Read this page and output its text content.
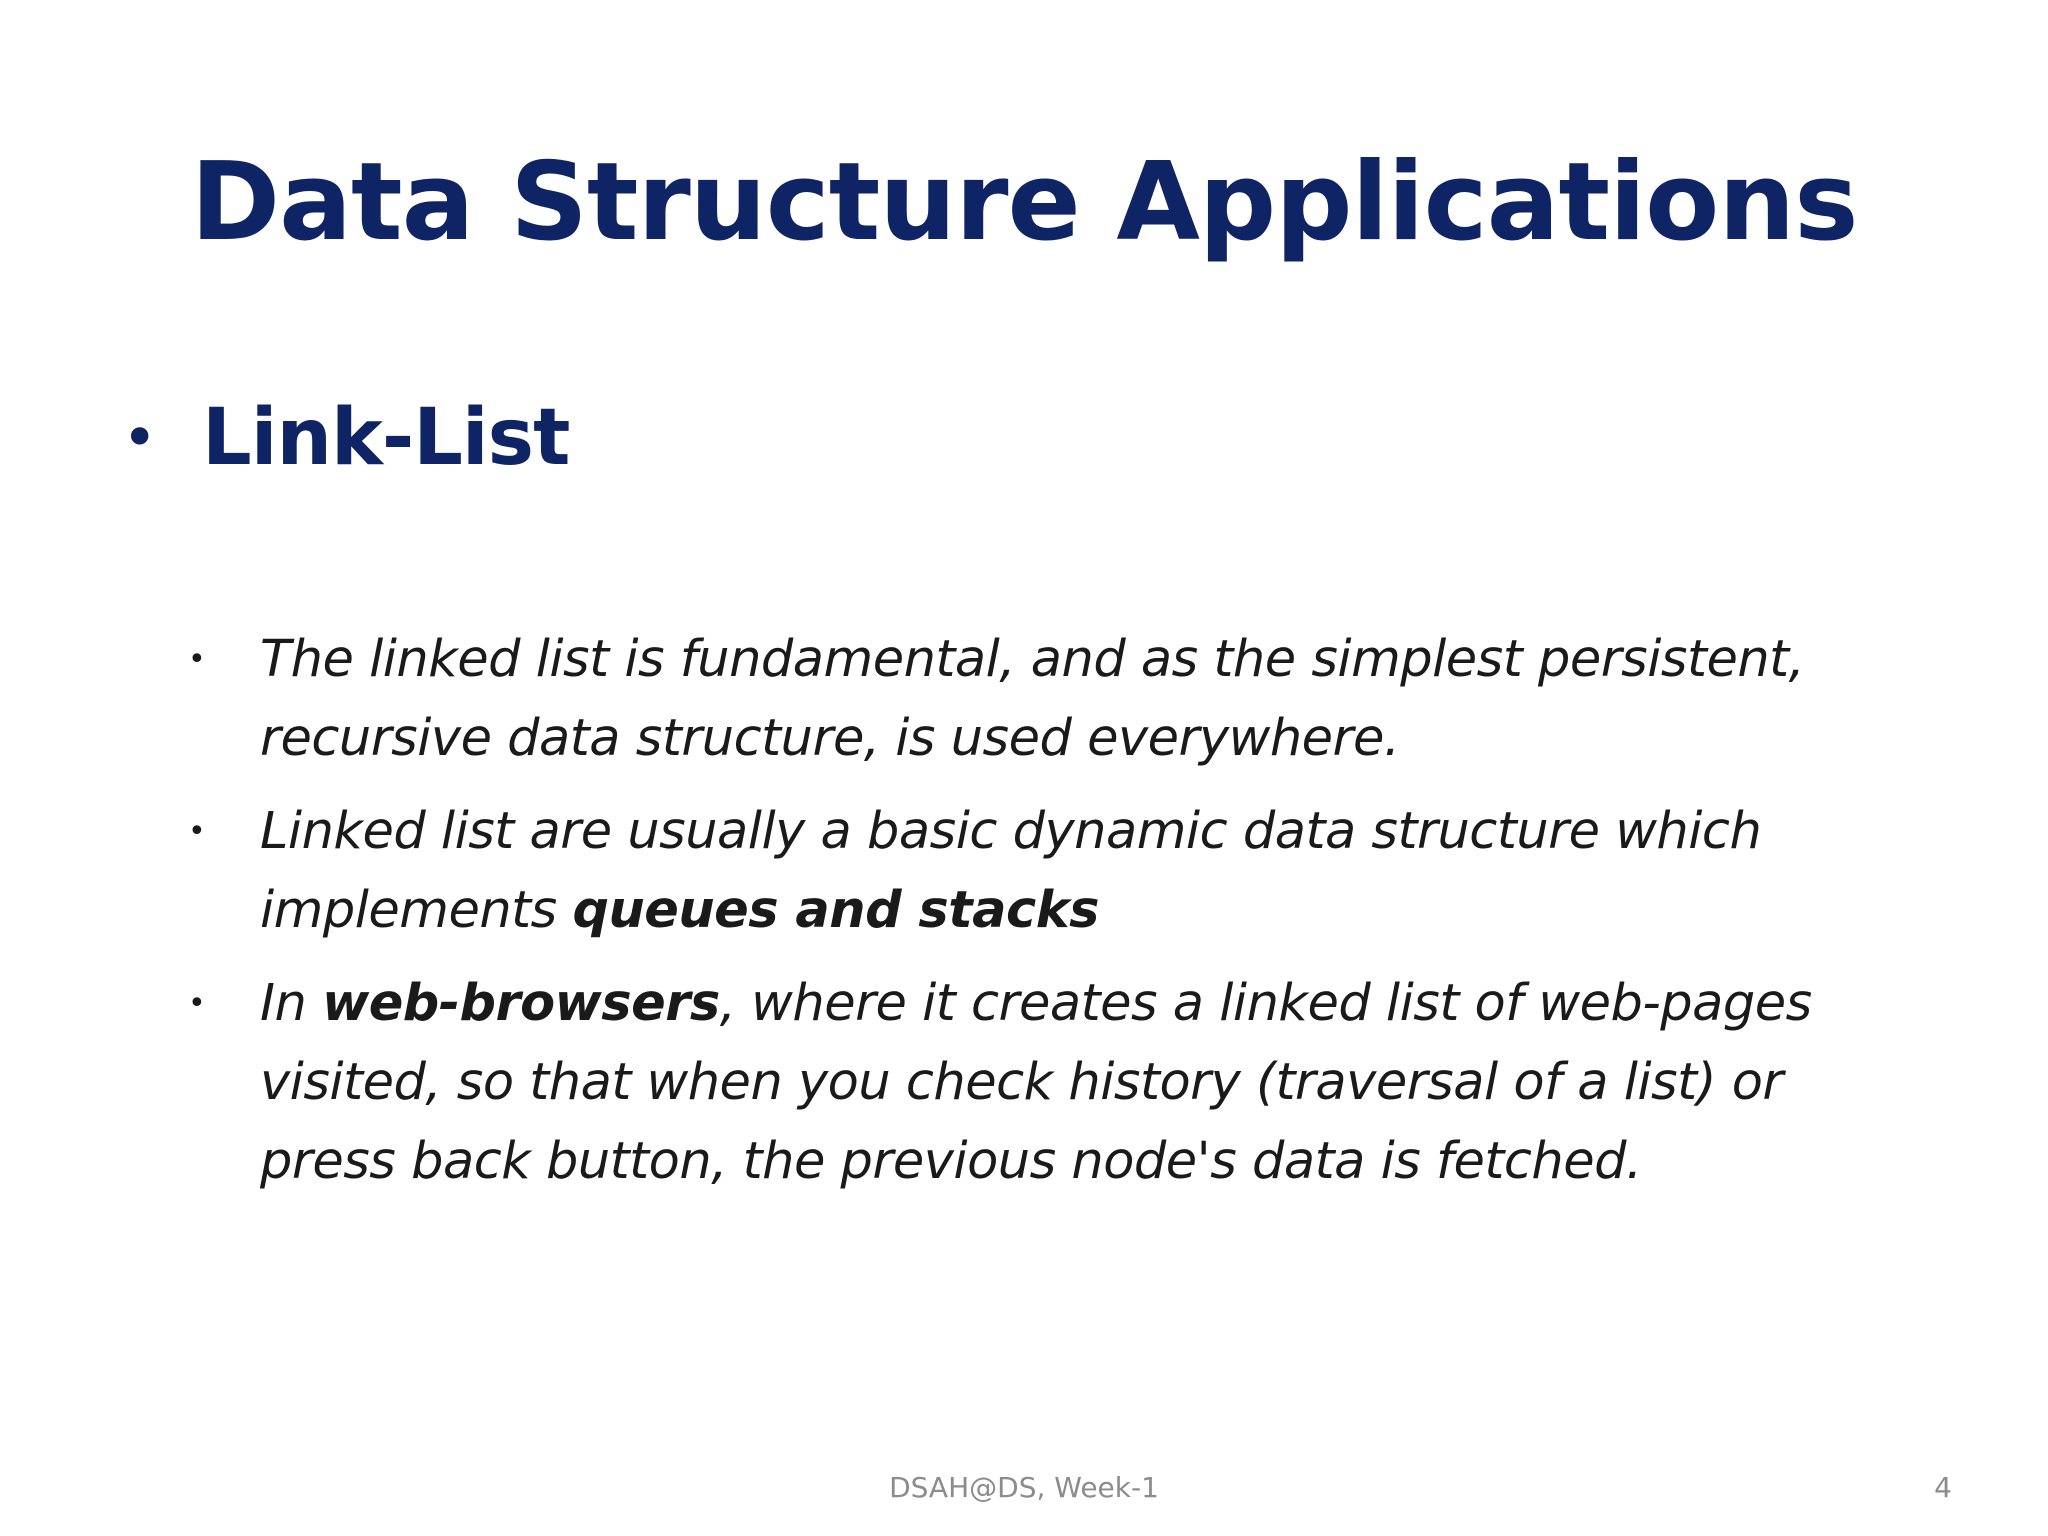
Data Structure Applications
• Link-List
•	The linked list is fundamental, and as the simplest persistent, recursive data structure, is used everywhere.
•	Linked list are usually a basic dynamic data structure which implements queues and stacks
•	In web-browsers, where it creates a linked list of web-pages visited, so that when you check history (traversal of a list) or press back button, the previous node's data is fetched.
DSAH@DS, Week-1	4
